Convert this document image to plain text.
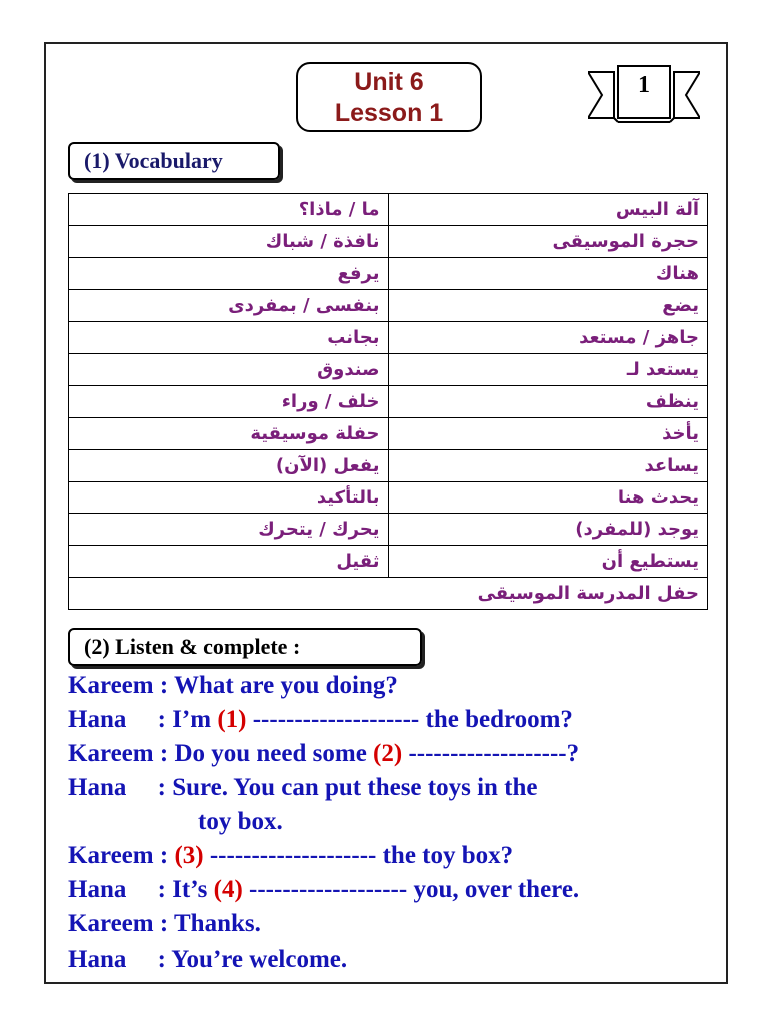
Unit 6
Lesson 1
1
(1) Vocabulary
آلة البيس	ما / ماذا؟
حجرة الموسيقى	نافذة / شباك
هناك	يرفع
يضع	بنفسى / بمفردى
جاهز / مستعد	بجانب
يستعد لـ	صندوق
ينظف	خلف / وراء
يأخذ	حفلة موسيقية
يساعد	يفعل (الآن)
يحدث هنا	بالتأكيد
يوجد (للمفرد)	يحرك / يتحرك
يستطيع أن	ثقيل
حفل المدرسة الموسيقى	
(2) Listen & complete :
Kareem : What are you doing?
Hana     : I’m (1) -------------------- the bedroom?
Kareem : Do you need some (2) -------------------?
Hana     : Sure. You can put these toys in the
toy box.
Kareem : (3) -------------------- the toy box?
Hana     : It’s (4) ------------------- you, over there.
Kareem : Thanks.
Hana     : You’re welcome.
